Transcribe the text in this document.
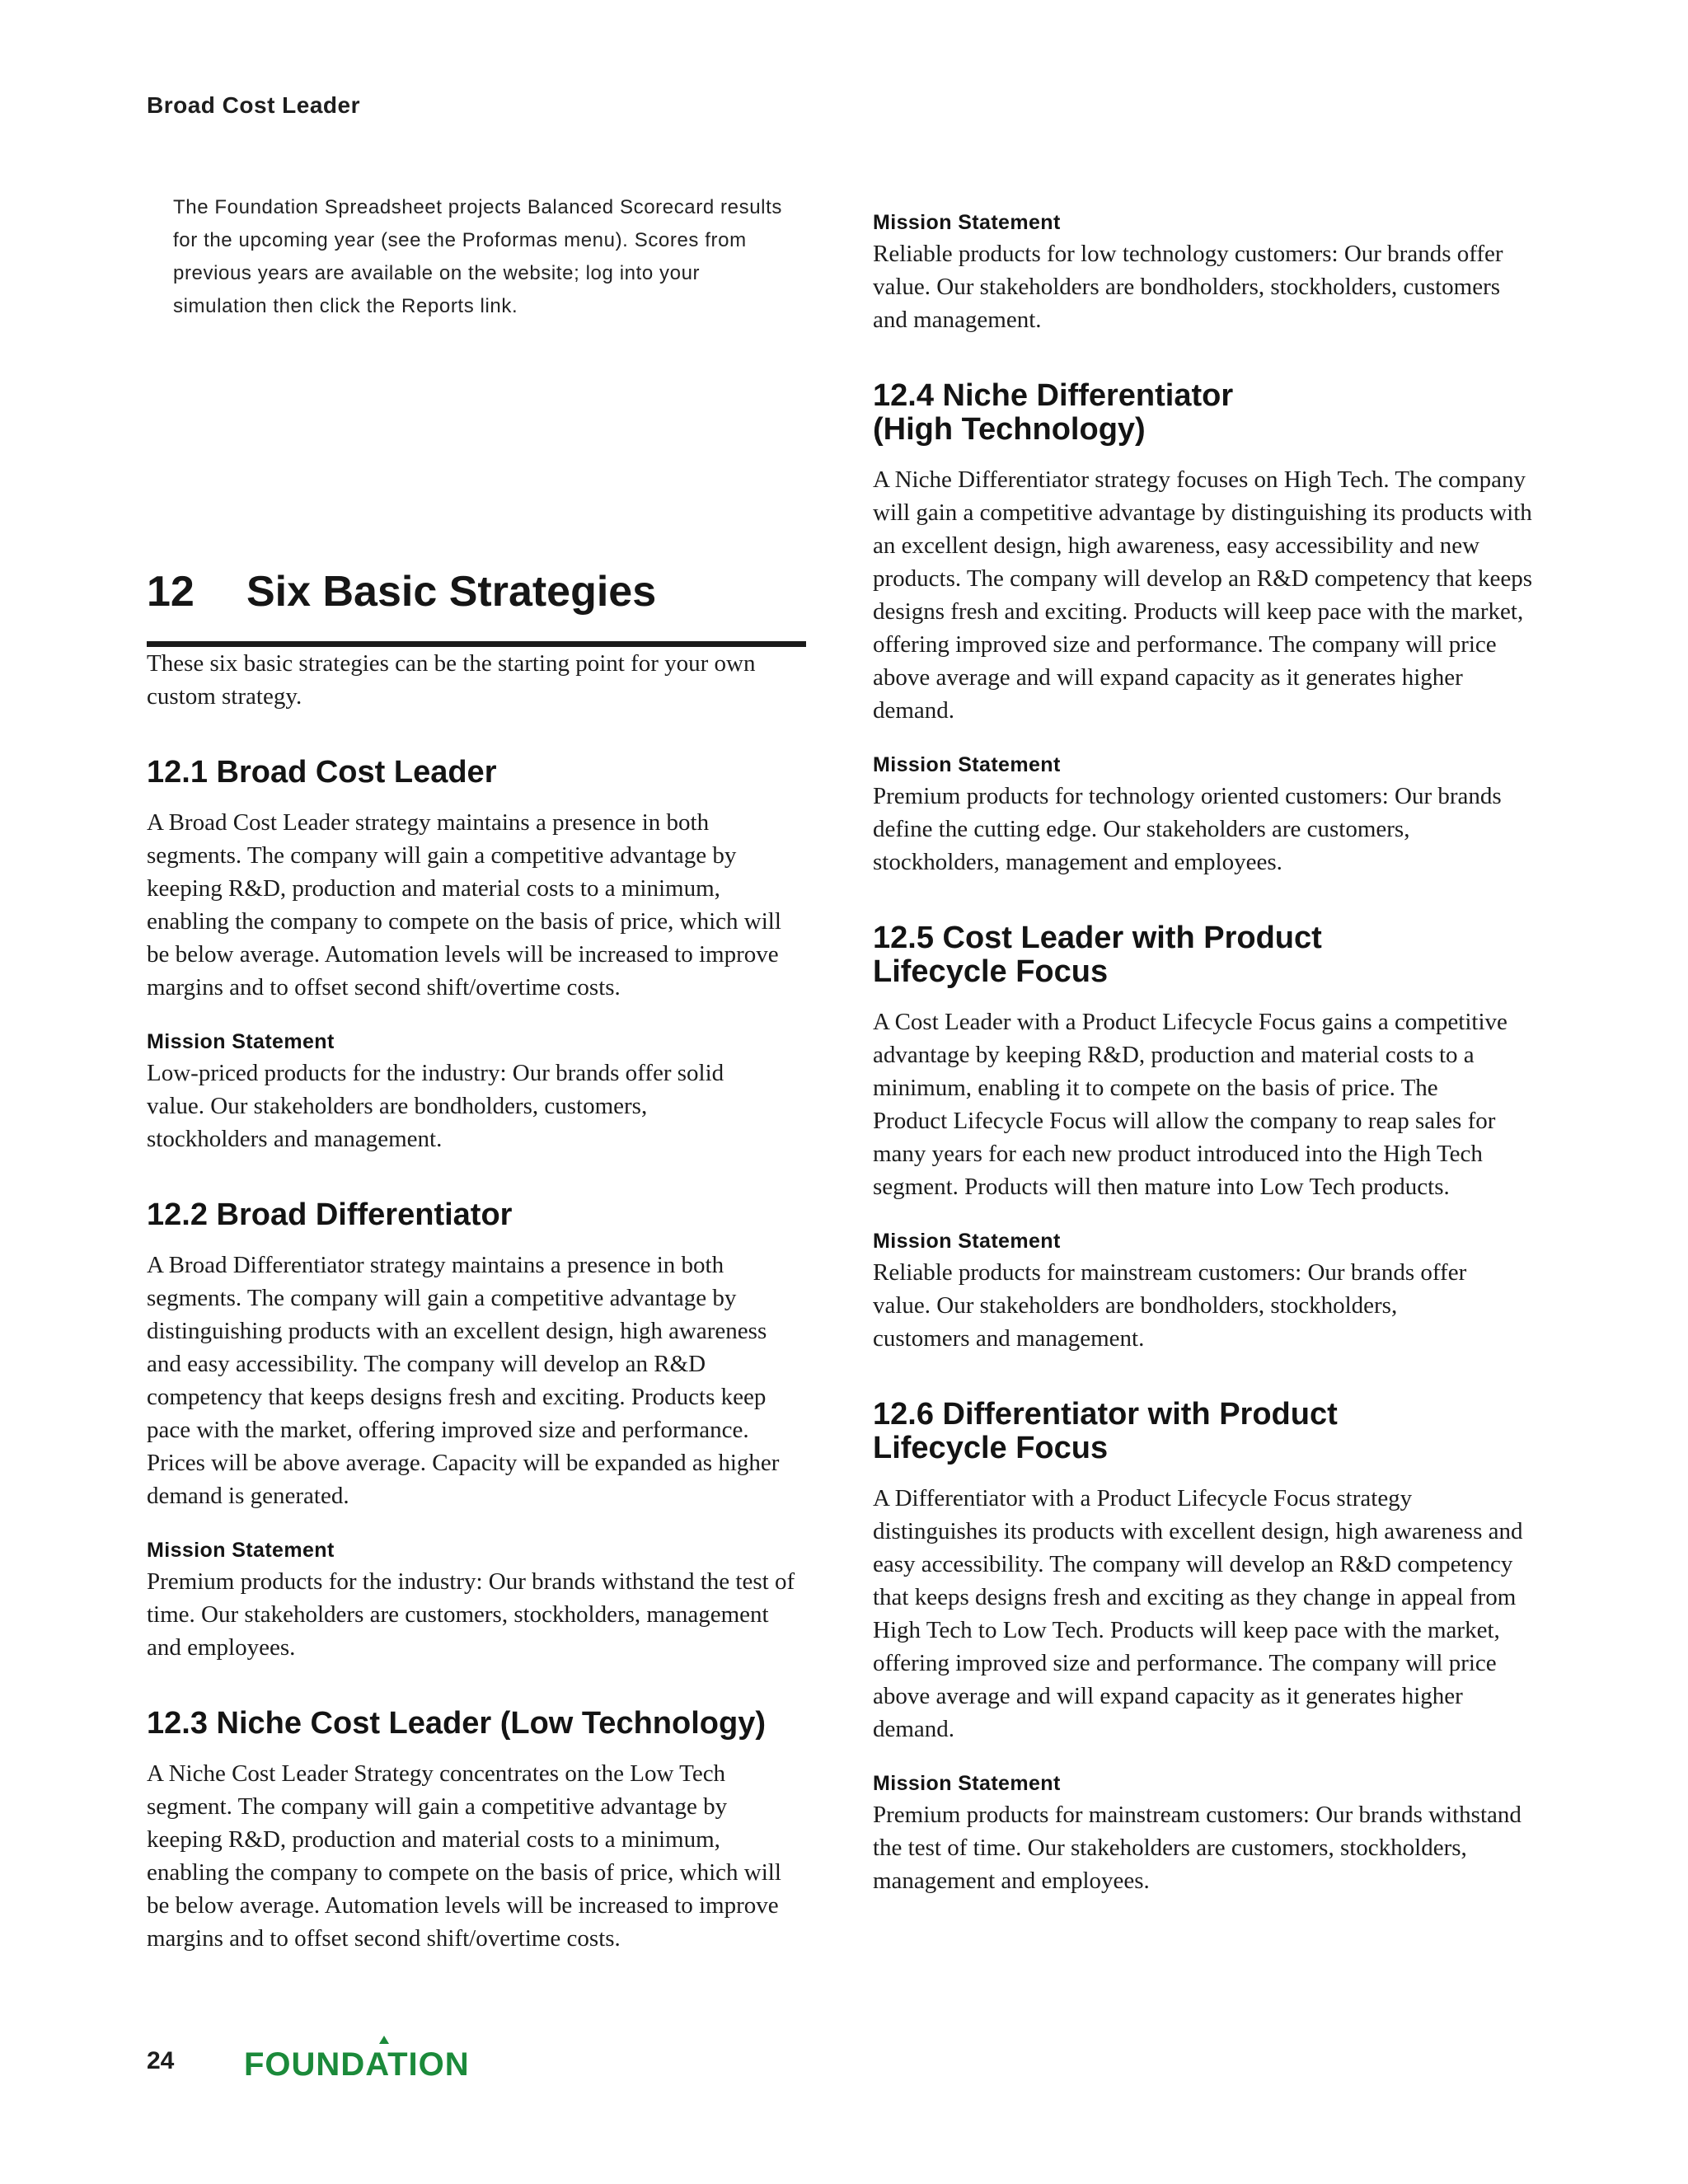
Broad Cost Leader

The Foundation Spreadsheet projects Balanced Scorecard results for the upcoming year (see the Proformas menu). Scores from previous years are available on the website; log into your simulation then click the Reports link.

12	Six Basic Strategies

These six basic strategies can be the starting point for your own custom strategy.

12.1 Broad Cost Leader

A Broad Cost Leader strategy maintains a presence in both segments. The company will gain a competitive advantage by keeping R&D, production and material costs to a minimum, enabling the company to compete on the basis of price, which will be below average. Automation levels will be increased to improve margins and to offset second shift/overtime costs.

Mission Statement

Low-priced products for the industry: Our brands offer solid value. Our stakeholders are bondholders, customers, stockholders and management.

12.2 Broad Differentiator

A Broad Differentiator strategy maintains a presence in both segments. The company will gain a competitive advantage by distinguishing products with an excellent design, high awareness and easy accessibility. The company will develop an R&D competency that keeps designs fresh and exciting. Products keep pace with the market, offering improved size and performance. Prices will be above average. Capacity will be expanded as higher demand is generated.

Mission Statement

Premium products for the industry: Our brands withstand the test of time. Our stakeholders are customers, stockholders, management and employees.

12.3 Niche Cost Leader (Low Technology)

A Niche Cost Leader Strategy concentrates on the Low Tech segment. The company will gain a competitive advantage by keeping R&D, production and material costs to a minimum, enabling the company to compete on the basis of price, which will be below average. Automation levels will be increased to improve margins and to offset second shift/overtime costs.

Mission Statement

Reliable products for low technology customers: Our brands offer value. Our stakeholders are bondholders, stockholders, customers and management.

12.4 Niche Differentiator
(High Technology)

A Niche Differentiator strategy focuses on High Tech. The company will gain a competitive advantage by distinguishing its products with an excellent design, high awareness, easy accessibility and new products. The company will develop an R&D competency that keeps designs fresh and exciting. Products will keep pace with the market, offering improved size and performance. The company will price above average and will expand capacity as it generates higher demand.

Mission Statement

Premium products for technology oriented customers: Our brands define the cutting edge. Our stakeholders are customers, stockholders, management and employees.

12.5 Cost Leader with Product
Lifecycle Focus

A Cost Leader with a Product Lifecycle Focus gains a competitive advantage by keeping R&D, production and material costs to a minimum, enabling it to compete on the basis of price. The Product Lifecycle Focus will allow the company to reap sales for many years for each new product introduced into the High Tech segment. Products will then mature into Low Tech products.

Mission Statement

Reliable products for mainstream customers: Our brands offer value. Our stakeholders are bondholders, stockholders, customers and management.

12.6 Differentiator with Product
Lifecycle Focus

A Differentiator with a Product Lifecycle Focus strategy distinguishes its products with excellent design, high awareness and easy accessibility. The company will develop an R&D competency that keeps designs fresh and exciting as they change in appeal from High Tech to Low Tech. Products will keep pace with the market, offering improved size and performance. The company will price above average and will expand capacity as it generates higher demand.

Mission Statement

Premium products for mainstream customers: Our brands withstand the test of time. Our stakeholders are customers, stockholders, management and employees.

24 FOUNDATION
